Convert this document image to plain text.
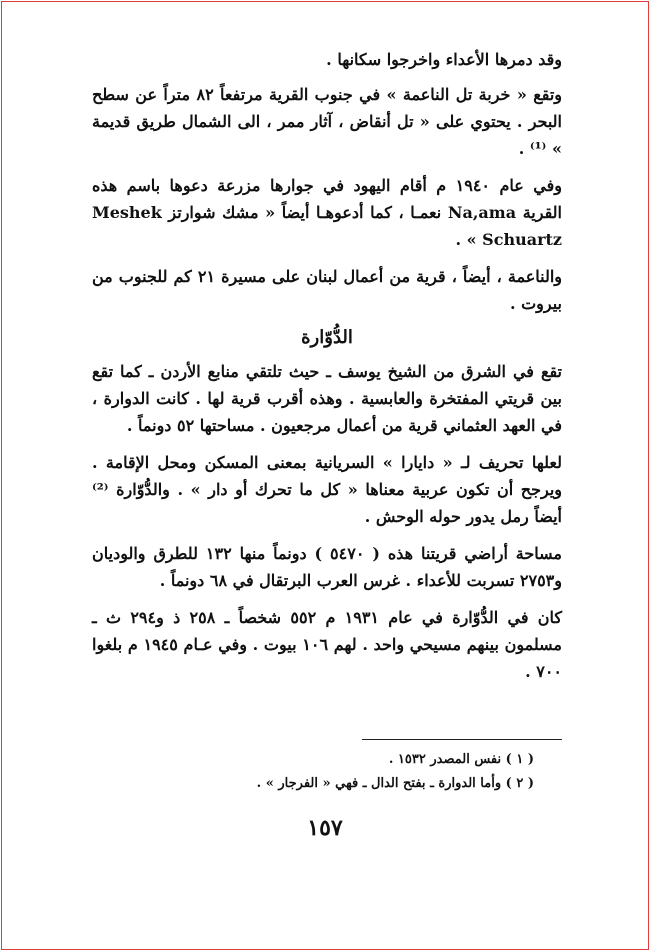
وقد دمرها الأعداء واخرجوا سكانها .

وتقع « خربة تل الناعمة » في جنوب القرية مرتفعاً ٨٢ متراً عن سطح البحر . يحتوي على « تل أنقاض ، آثار ممر ، الى الشمال طريق قديمة » ⁽¹⁾ .

وفي عام ١٩٤٠ م أقام اليهود في جوارها مزرعة دعوها باسم هذه القرية Na,ama نعمـا ، كما أدعوهـا أيضاً « مشك شوارتز Meshek Schuartz » .

والناعمة ، أيضاً ، قرية من أعمال لبنان على مسيرة ٢١ كم للجنوب من بيروت .

الدُّوّارة

تقع في الشرق من الشيخ يوسف ـ حيث تلتقي منابع الأردن ـ كما تقع بين قريتي المفتخرة والعابسية . وهذه أقرب قرية لها . كانت الدوارة ، في العهد العثماني قرية من أعمال مرجعيون . مساحتها ٥٢ دونماً .

لعلها تحريف لـ « دايارا » السريانية بمعنى المسكن ومحل الإقامة . ويرجح أن تكون عربية معناها « كل ما تحرك أو دار » . والدُّوّارة ⁽²⁾ أيضاً رمل يدور حوله الوحش .

مساحة أراضي قريتنا هذه ( ٥٤٧٠ ) دونماً منها ١٣٢ للطرق والوديان و٢٧٥٣ تسربت للأعداء . غرس العرب البرتقال في ٦٨ دونماً .

كان في الدُّوّارة في عام ١٩٣١ م ٥٥٢ شخصاً ـ ٢٥٨ ذ و٢٩٤ ث ـ مسلمون بينهم مسيحي واحد . لهم ١٠٦ بيوت . وفي عـام ١٩٤٥ م بلغوا ٧٠٠ .

( ١ ) نفس المصدر ١٥٣٢ .
( ٢ ) وأما الدوارة ـ بفتح الدال ـ فهي « الفرجار » .
١٥٧
